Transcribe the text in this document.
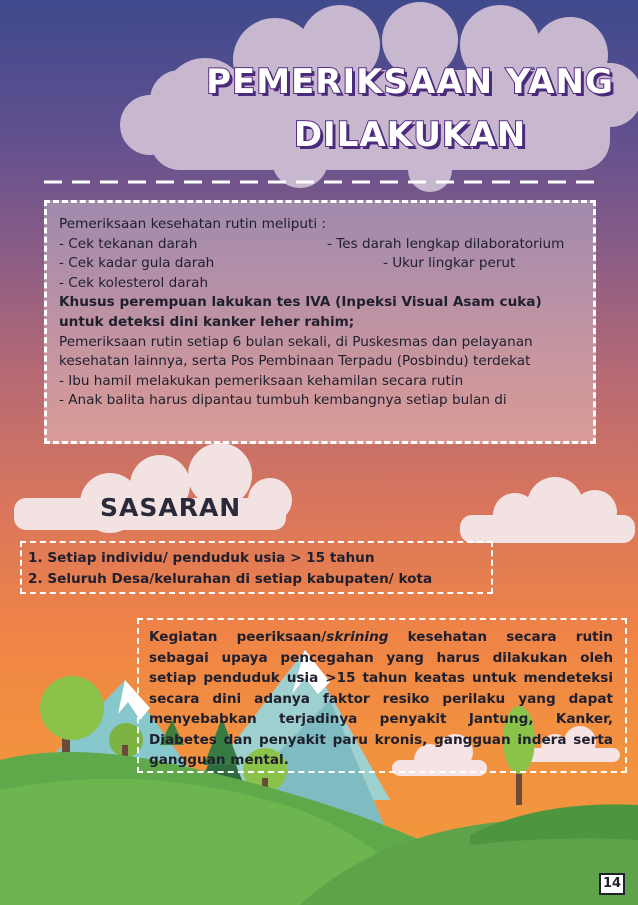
PEMERIKSAAN YANG
DILAKUKAN
Pemeriksaan kesehatan rutin meliputi :
- Cek tekanan darah	- Tes darah lengkap dilaboratorium
- Cek kadar gula darah	- Ukur lingkar perut
- Cek kolesterol darah
Khusus perempuan lakukan tes IVA (Inpeksi Visual Asam cuka) untuk deteksi dini kanker leher rahim;
Pemeriksaan rutin setiap 6 bulan sekali, di Puskesmas dan pelayanan kesehatan lainnya, serta Pos Pembinaan Terpadu (Posbindu) terdekat
- Ibu hamil melakukan pemeriksaan kehamilan secara rutin
- Anak balita harus dipantau tumbuh kembangnya setiap bulan di
SASARAN
1. Setiap individu/ penduduk usia > 15 tahun
2. Seluruh Desa/kelurahan di setiap kabupaten/ kota
Kegiatan peeriksaan/skrining kesehatan secara rutin sebagai upaya pencegahan yang harus dilakukan oleh setiap penduduk usia >15 tahun keatas untuk mendeteksi secara dini adanya faktor resiko perilaku yang dapat menyebabkan terjadinya penyakit Jantung, Kanker, Diabetes dan penyakit paru kronis, gangguan indera serta gangguan mental.
14
